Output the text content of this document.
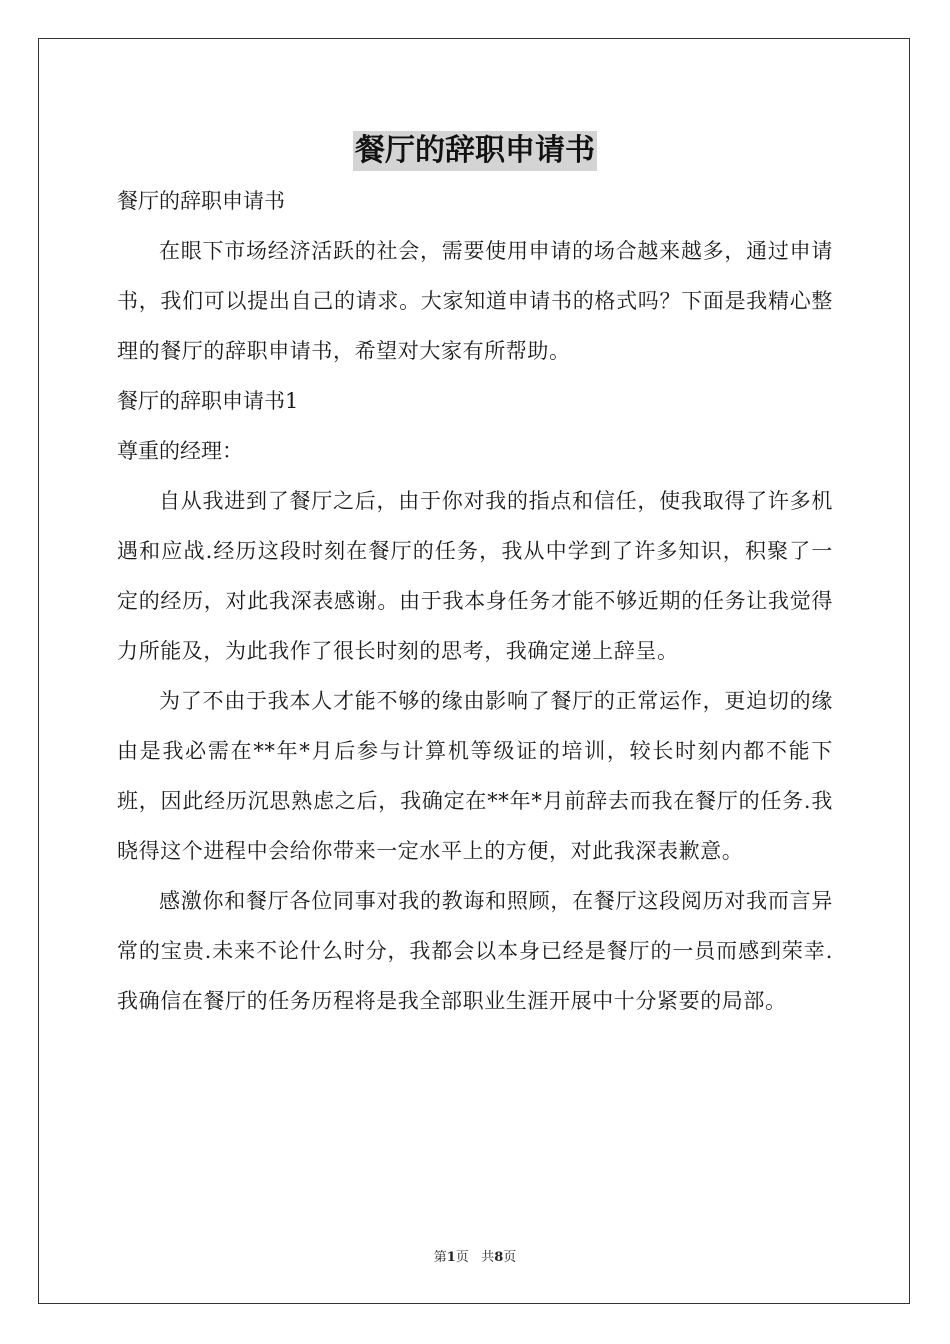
餐厅的辞职申请书

餐厅的辞职申请书

在眼下市场经济活跃的社会，需要使用申请的场合越来越多，通过申请书，我们可以提出自己的请求。大家知道申请书的格式吗？下面是我精心整理的餐厅的辞职申请书，希望对大家有所帮助。

餐厅的辞职申请书1

尊重的经理：

自从我进到了餐厅之后，由于你对我的指点和信任，使我取得了许多机遇和应战.经历这段时刻在餐厅的任务，我从中学到了许多知识，积聚了一定的经历，对此我深表感谢。由于我本身任务才能不够近期的任务让我觉得力所能及，为此我作了很长时刻的思考，我确定递上辞呈。

为了不由于我本人才能不够的缘由影响了餐厅的正常运作，更迫切的缘由是我必需在**年*月后参与计算机等级证的培训，较长时刻内都不能下班，因此经历沉思熟虑之后，我确定在**年*月前辞去而我在餐厅的任务.我晓得这个进程中会给你带来一定水平上的方便，对此我深表歉意。

感激你和餐厅各位同事对我的教诲和照顾，在餐厅这段阅历对我而言异常的宝贵.未来不论什么时分，我都会以本身已经是餐厅的一员而感到荣幸.我确信在餐厅的任务历程将是我全部职业生涯开展中十分紧要的局部。

第1页   共8页
